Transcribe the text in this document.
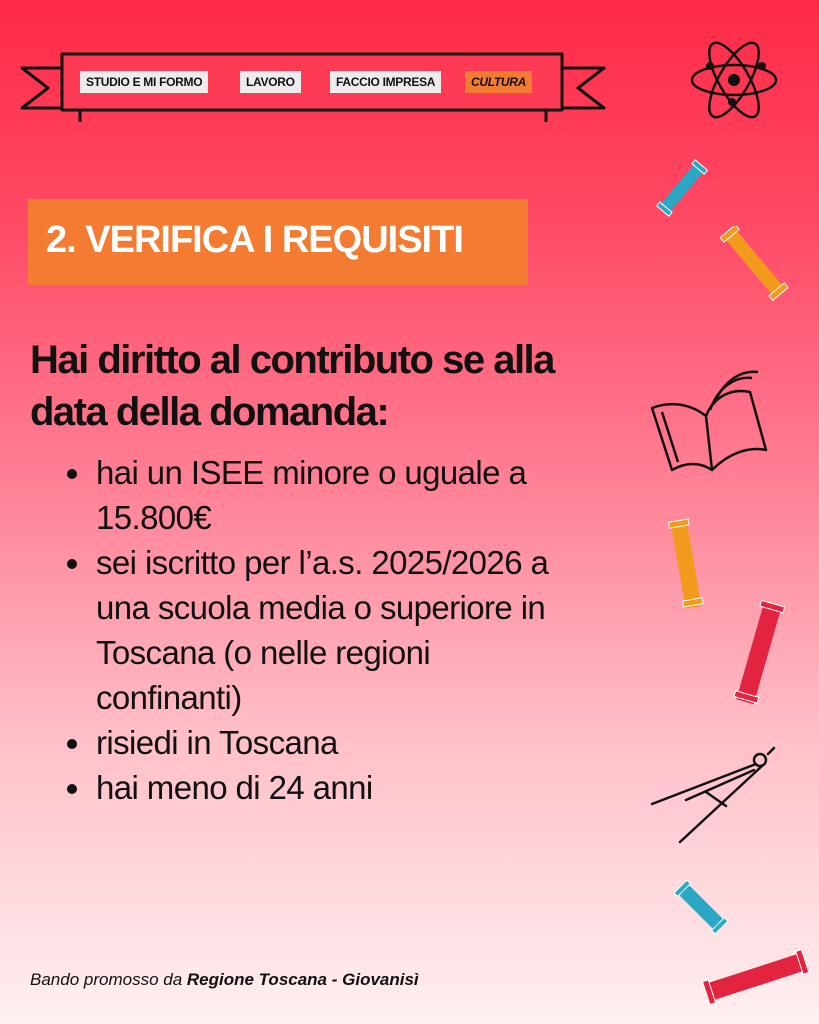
STUDIO E MI FORMO	LAVORO	FACCIO IMPRESA	CULTURA
2. VERIFICA I REQUISITI
Hai diritto al contributo se alla data della domanda:
• hai un ISEE minore o uguale a 15.800€
• sei iscritto per l’a.s. 2025/2026 a una scuola media o superiore in Toscana (o nelle regioni confinanti)
• risiedi in Toscana
• hai meno di 24 anni

Bando promosso da Regione Toscana - Giovanisì
